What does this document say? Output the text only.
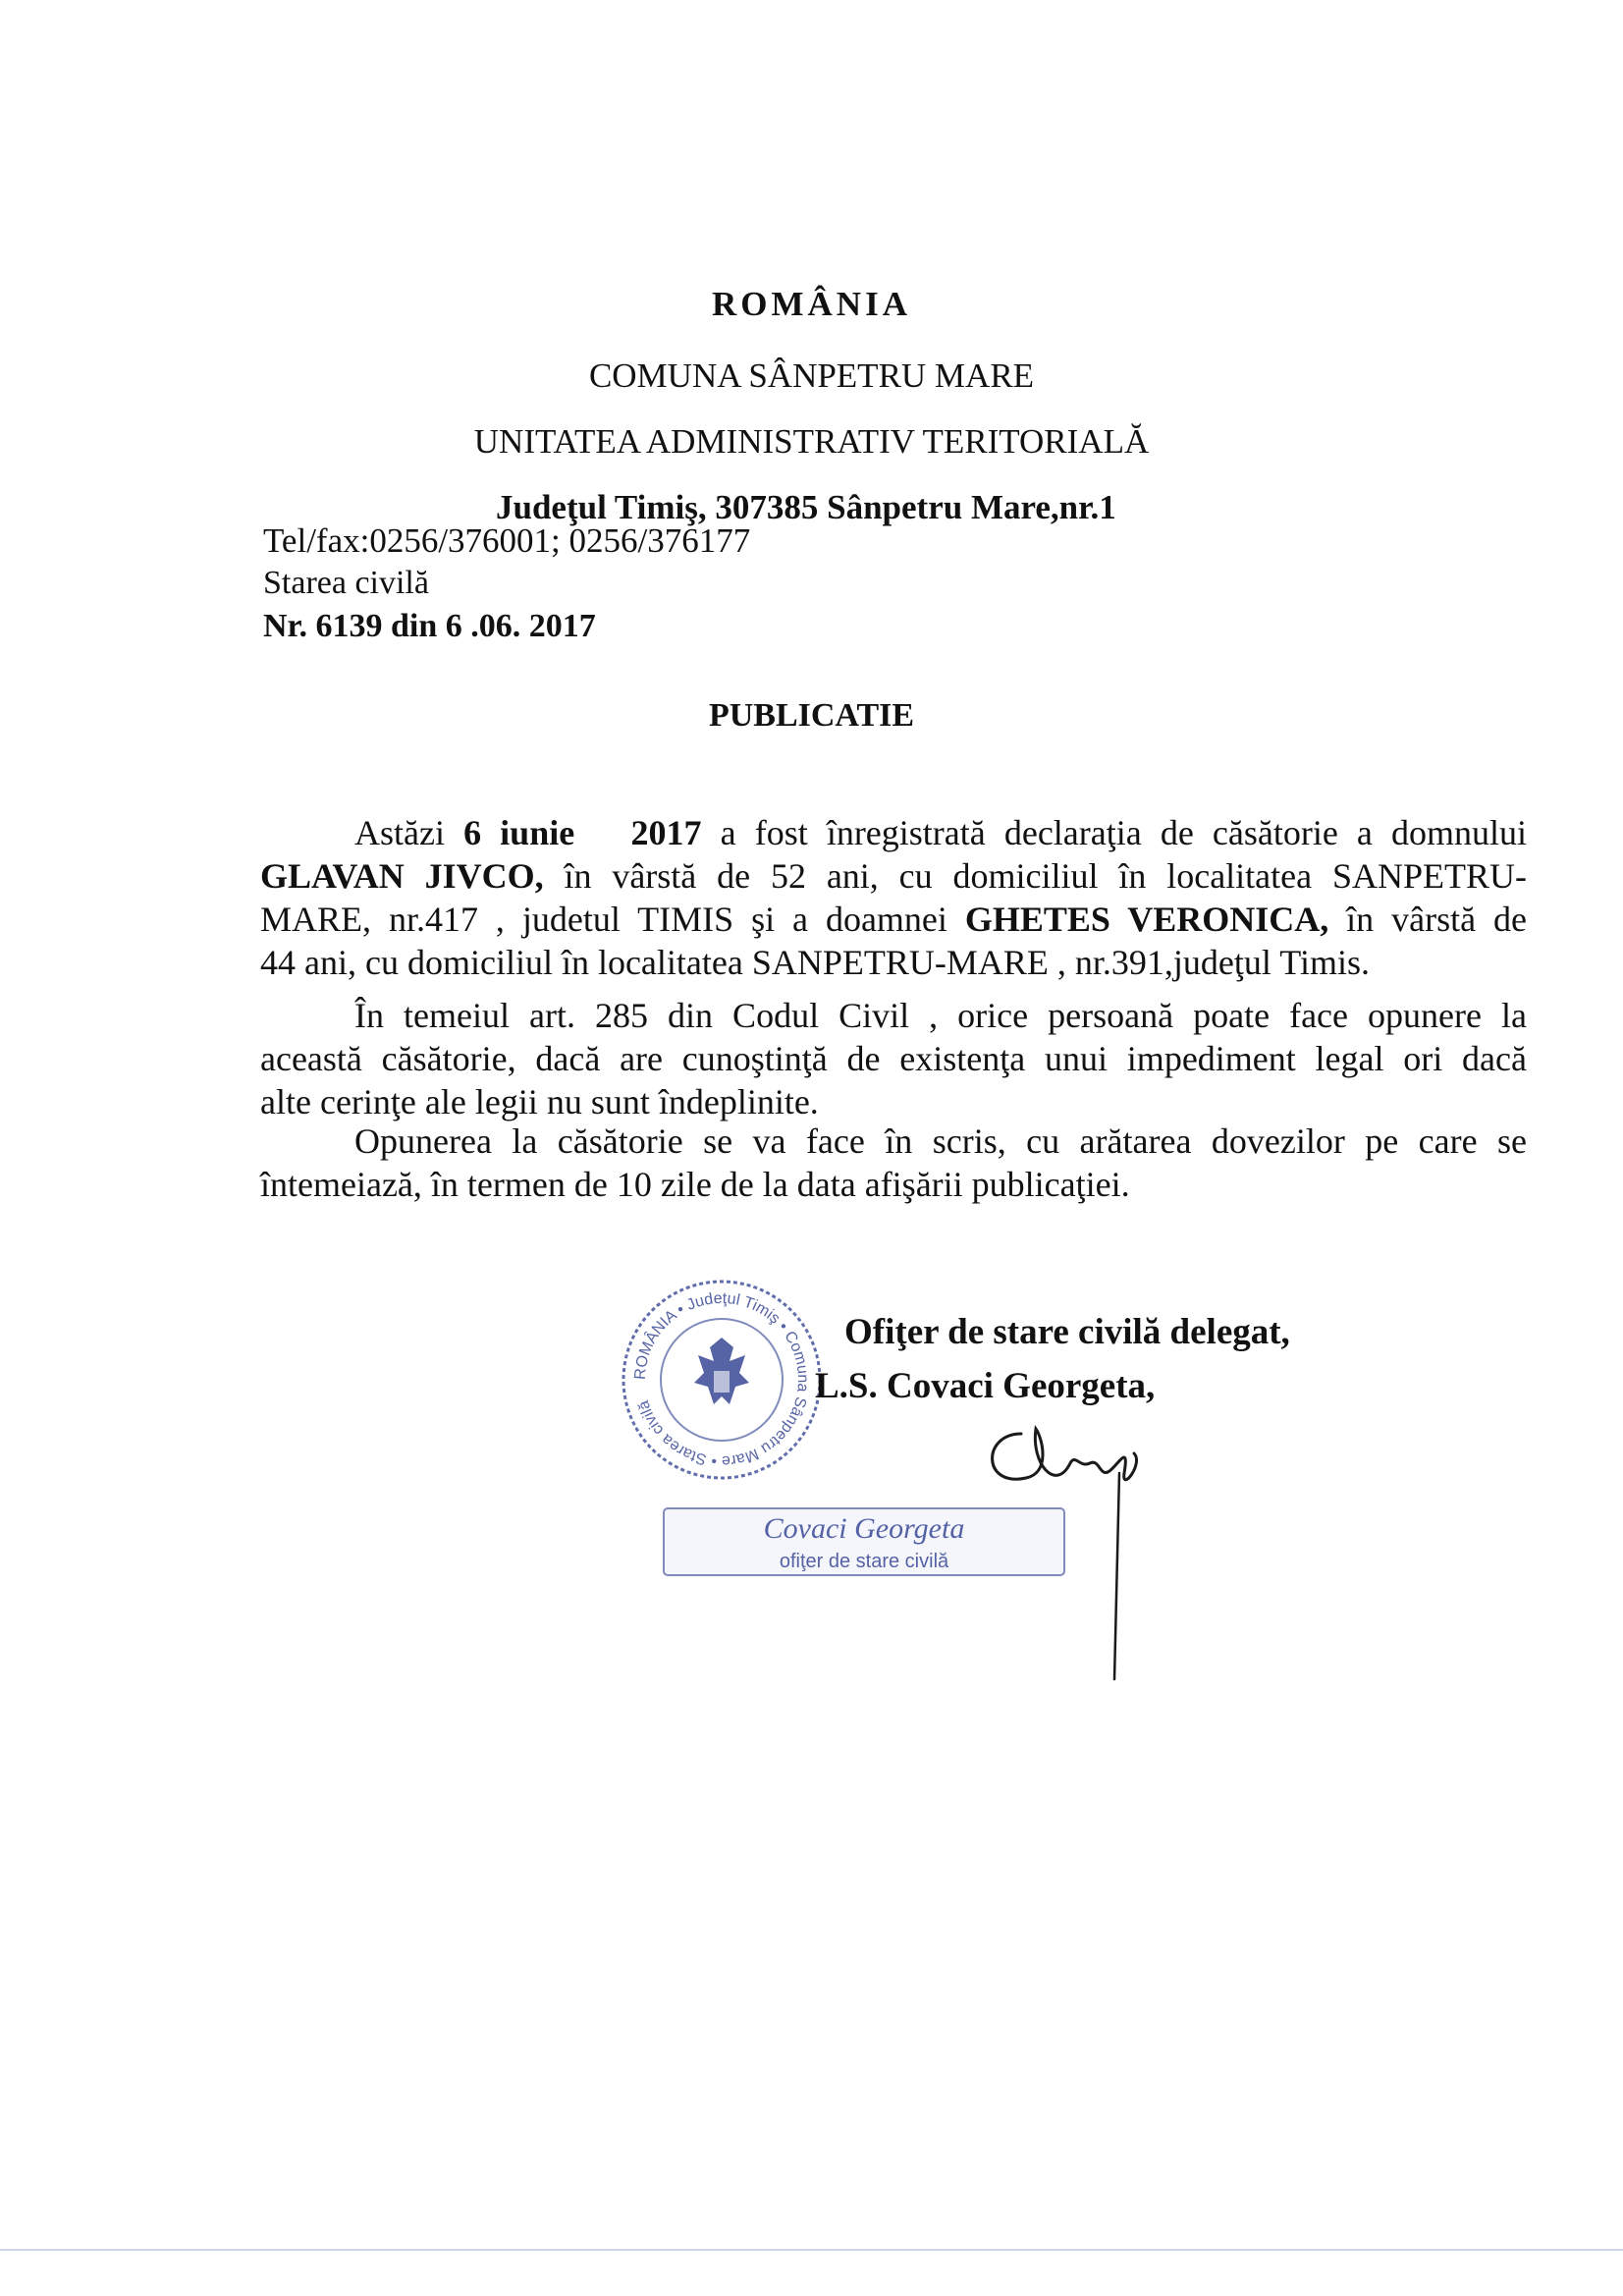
ROMÂNIA
COMUNA SÂNPETRU MARE
UNITATEA ADMINISTRATIV TERITORIALĂ
Judeţul Timiş, 307385 Sânpetru Mare,nr.1
Tel/fax:0256/376001; 0256/376177
Starea civilă
Nr. 6139 din 6 .06. 2017
PUBLICATIE
Astăzi 6 iunie 2017 a fost înregistrată declaraţia de căsătorie a domnului
GLAVAN JIVCO, în vârstă de 52 ani, cu domiciliul în localitatea SANPETRU-
MARE, nr.417 , judetul TIMIS şi a doamnei GHETES VERONICA, în vârstă de
44 ani, cu domiciliul în localitatea SANPETRU-MARE , nr.391,judeţul Timis.
În temeiul art. 285 din Codul Civil , orice persoană poate face opunere la
această căsătorie, dacă are cunoştinţă de existenţa unui impediment legal ori dacă
alte cerinţe ale legii nu sunt îndeplinite.
Opunerea la căsătorie se va face în scris, cu arătarea dovezilor pe care se
întemeiază, în termen de 10 zile de la data afişării publicaţiei.
ROMÂNIA • Judeţul Timiş • Comuna Sânpetru Mare • Starea civilă
Ofiţer de stare civilă delegat,
L.S. Covaci Georgeta,
Covaci Georgeta
ofiţer de stare civilă
